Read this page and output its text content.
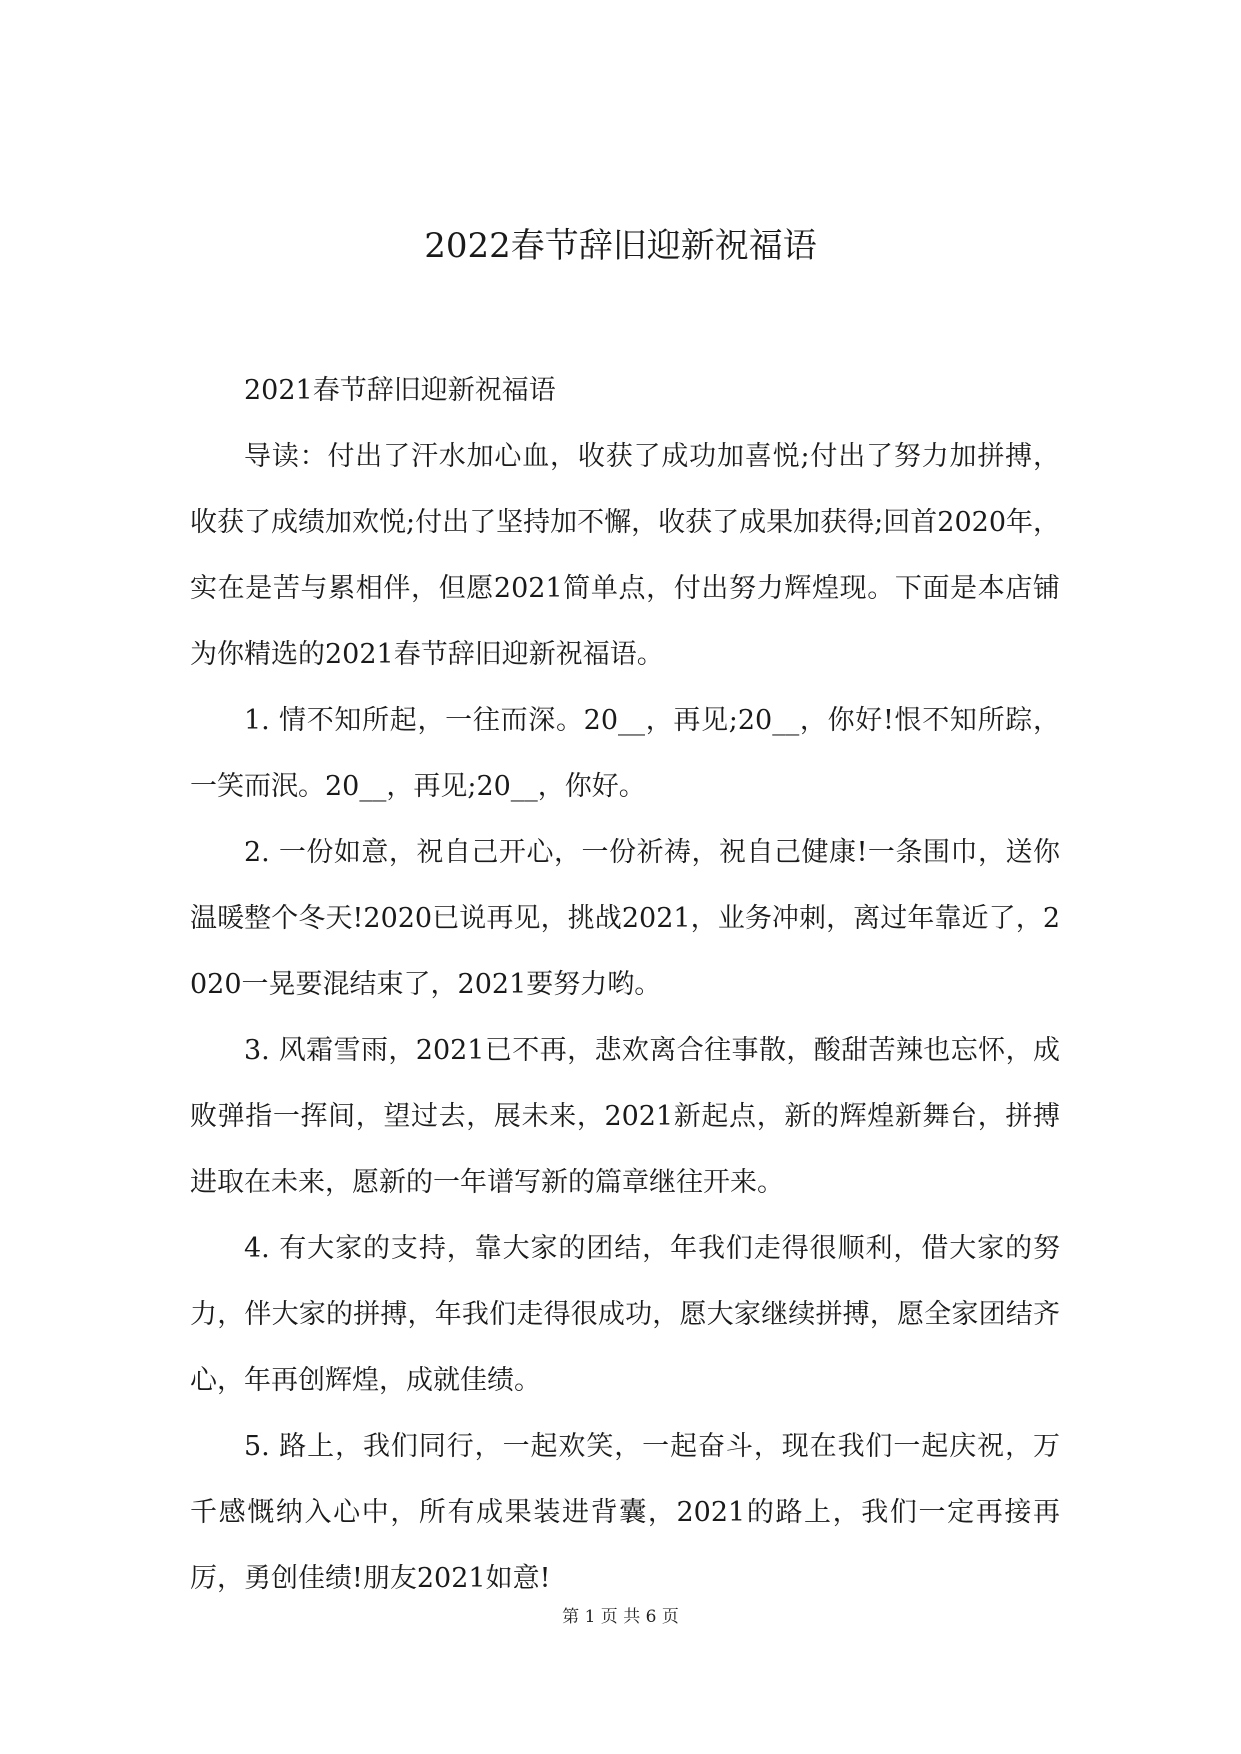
2022春节辞旧迎新祝福语

2021春节辞旧迎新祝福语

导读：付出了汗水加心血，收获了成功加喜悦;付出了努力加拼搏，收获了成绩加欢悦;付出了坚持加不懈，收获了成果加获得;回首2020年，实在是苦与累相伴，但愿2021简单点，付出努力辉煌现。下面是本店铺为你精选的2021春节辞旧迎新祝福语。

1. 情不知所起，一往而深。20__，再见;20__，你好!恨不知所踪，一笑而泯。20__，再见;20__，你好。

2. 一份如意，祝自己开心，一份祈祷，祝自己健康!一条围巾，送你温暖整个冬天!2020已说再见，挑战2021，业务冲刺，离过年靠近了，2020一晃要混结束了，2021要努力哟。

3. 风霜雪雨，2021已不再，悲欢离合往事散，酸甜苦辣也忘怀，成败弹指一挥间，望过去，展未来，2021新起点，新的辉煌新舞台，拼搏进取在未来，愿新的一年谱写新的篇章继往开来。

4. 有大家的支持，靠大家的团结，年我们走得很顺利，借大家的努力，伴大家的拼搏，年我们走得很成功，愿大家继续拼搏，愿全家团结齐心，年再创辉煌，成就佳绩。

5. 路上，我们同行，一起欢笑，一起奋斗，现在我们一起庆祝，万千感慨纳入心中，所有成果装进背囊，2021的路上，我们一定再接再厉，勇创佳绩!朋友2021如意!

第 1 页 共 6 页
